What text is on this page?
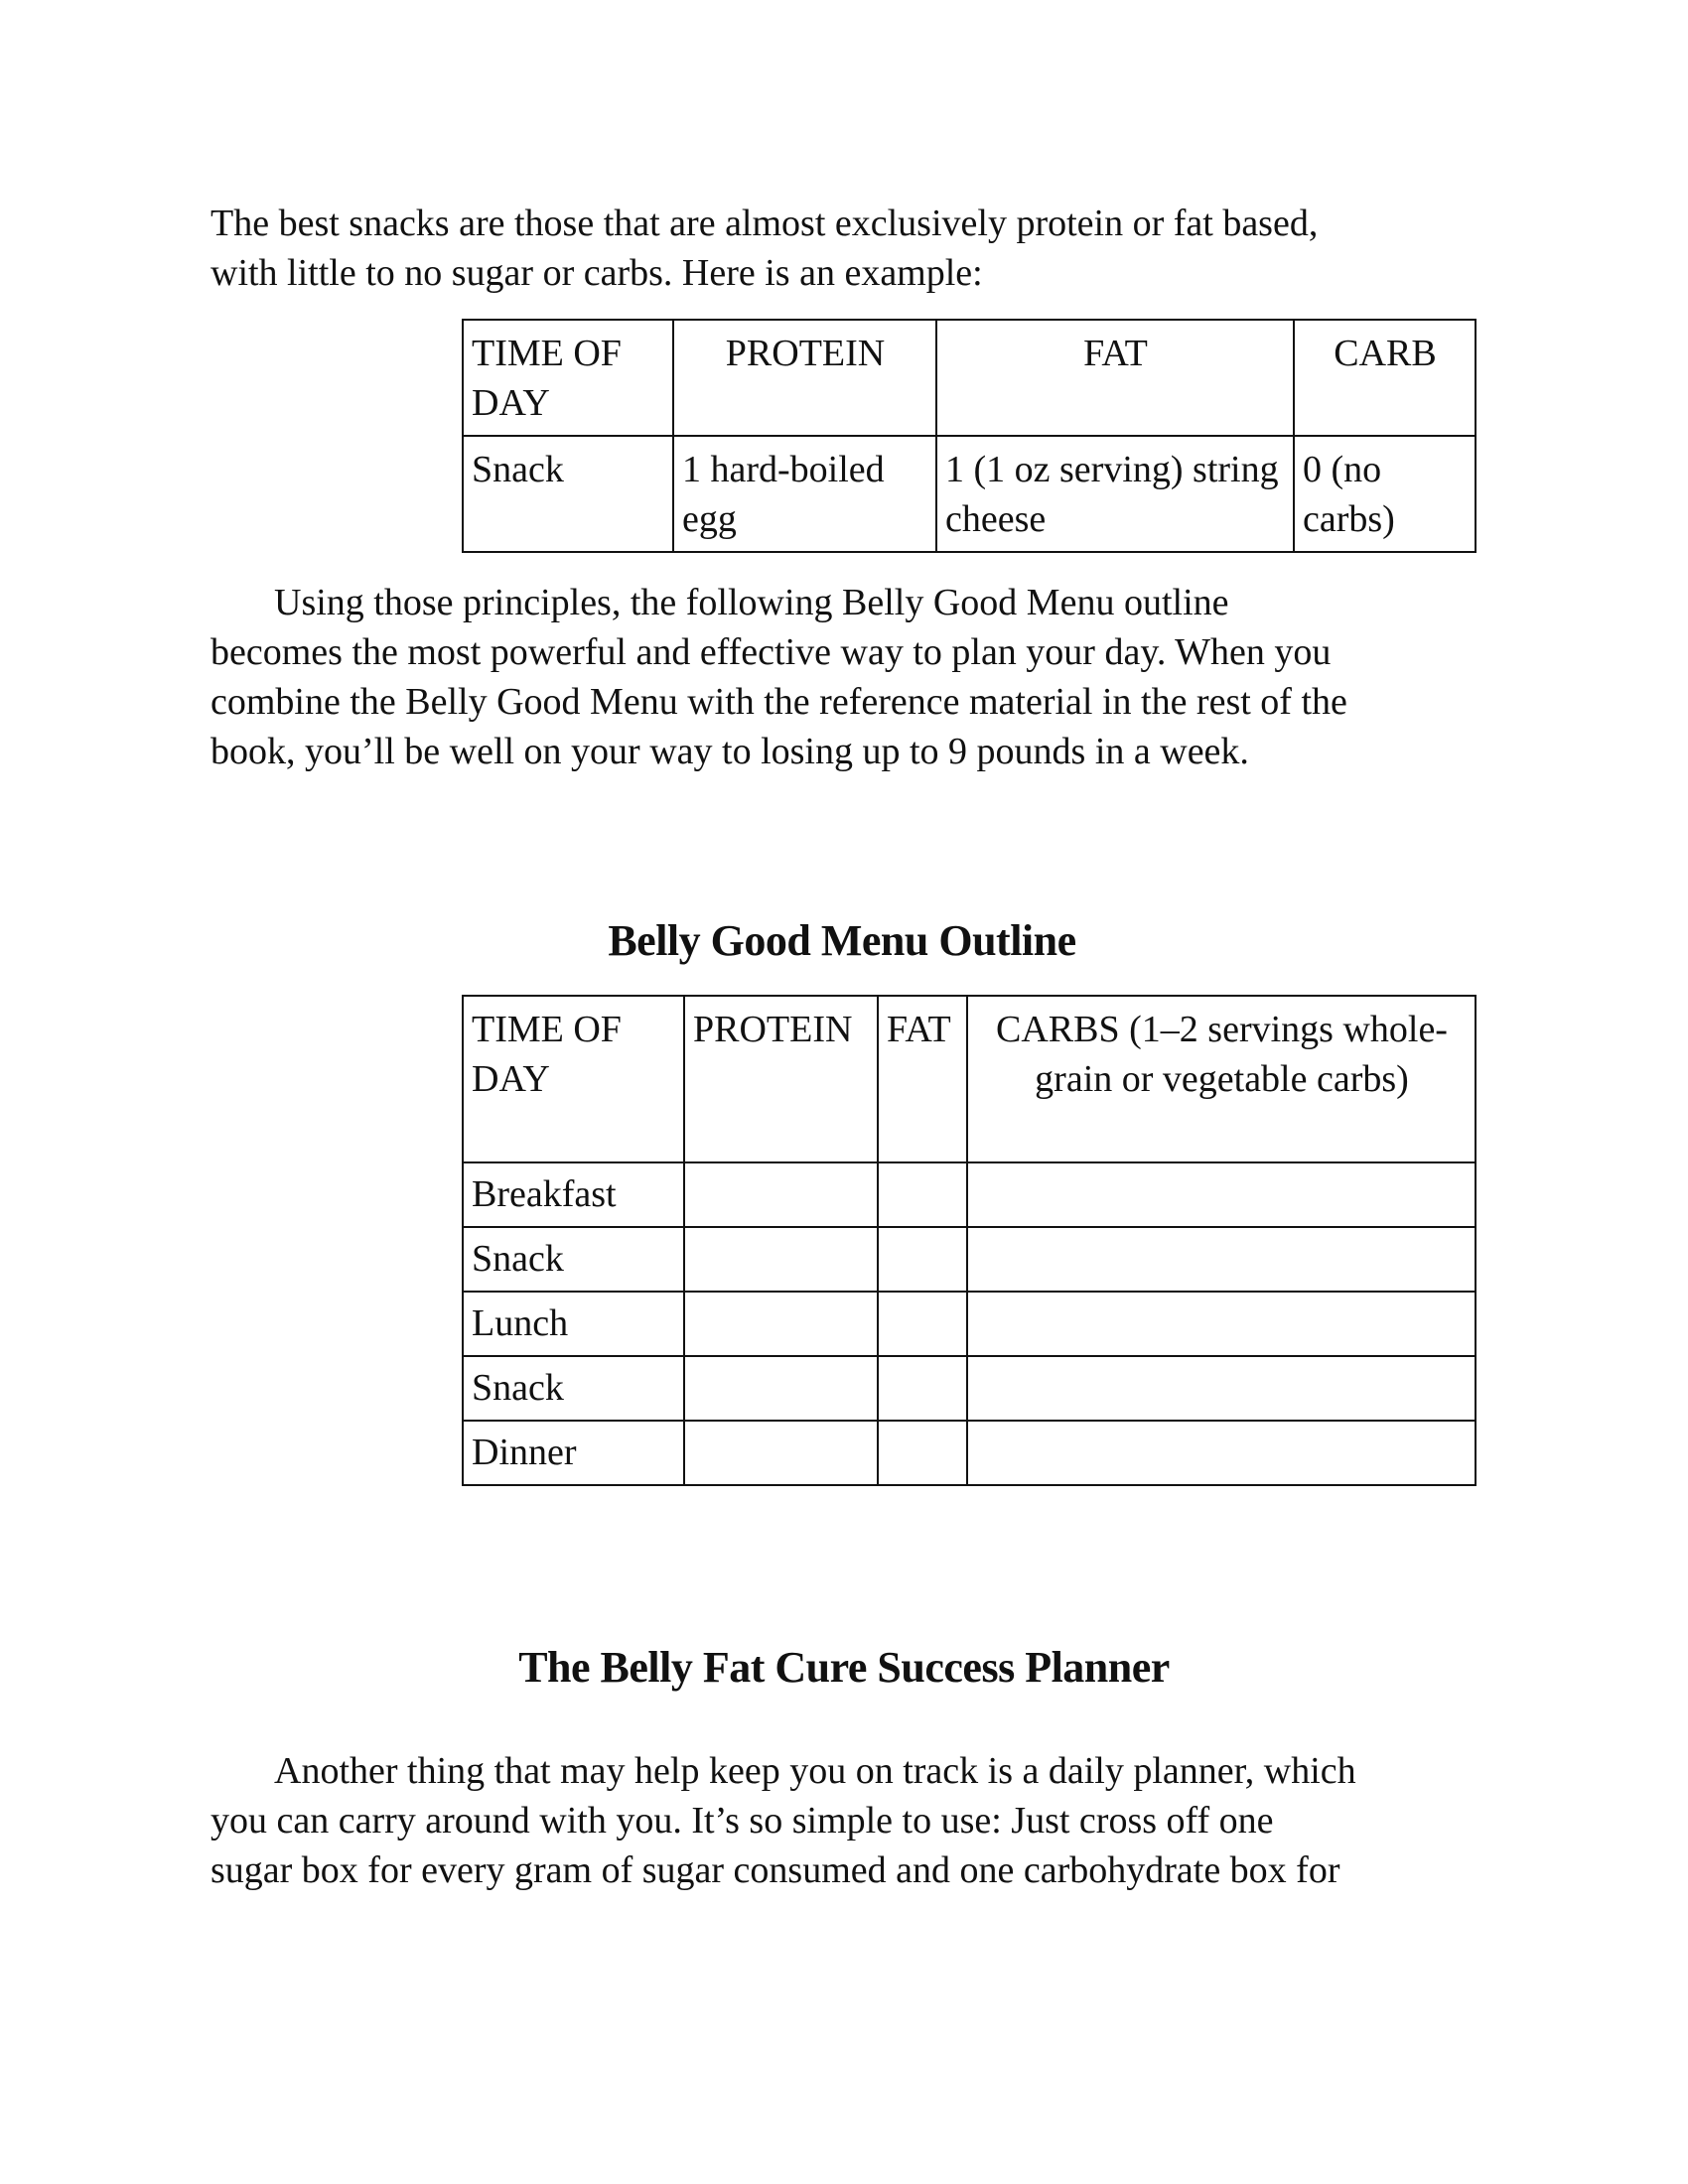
The best snacks are those that are almost exclusively protein or fat based,
with little to no sugar or carbs. Here is an example:

TIME OF DAY	PROTEIN	FAT	CARB
Snack	1 hard-boiled egg	1 (1 oz serving) string cheese	0 (no carbs)

Using those principles, the following Belly Good Menu outline
becomes the most powerful and effective way to plan your day. When you
combine the Belly Good Menu with the reference material in the rest of the
book, you’ll be well on your way to losing up to 9 pounds in a week.

Belly Good Menu Outline
TIME OF DAY	PROTEIN	FAT	CARBS (1–2 servings whole-grain or vegetable carbs)
Breakfast			
Snack			
Lunch			
Snack			
Dinner			
The Belly Fat Cure Success Planner

Another thing that may help keep you on track is a daily planner, which
you can carry around with you. It’s so simple to use: Just cross off one
sugar box for every gram of sugar consumed and one carbohydrate box for
